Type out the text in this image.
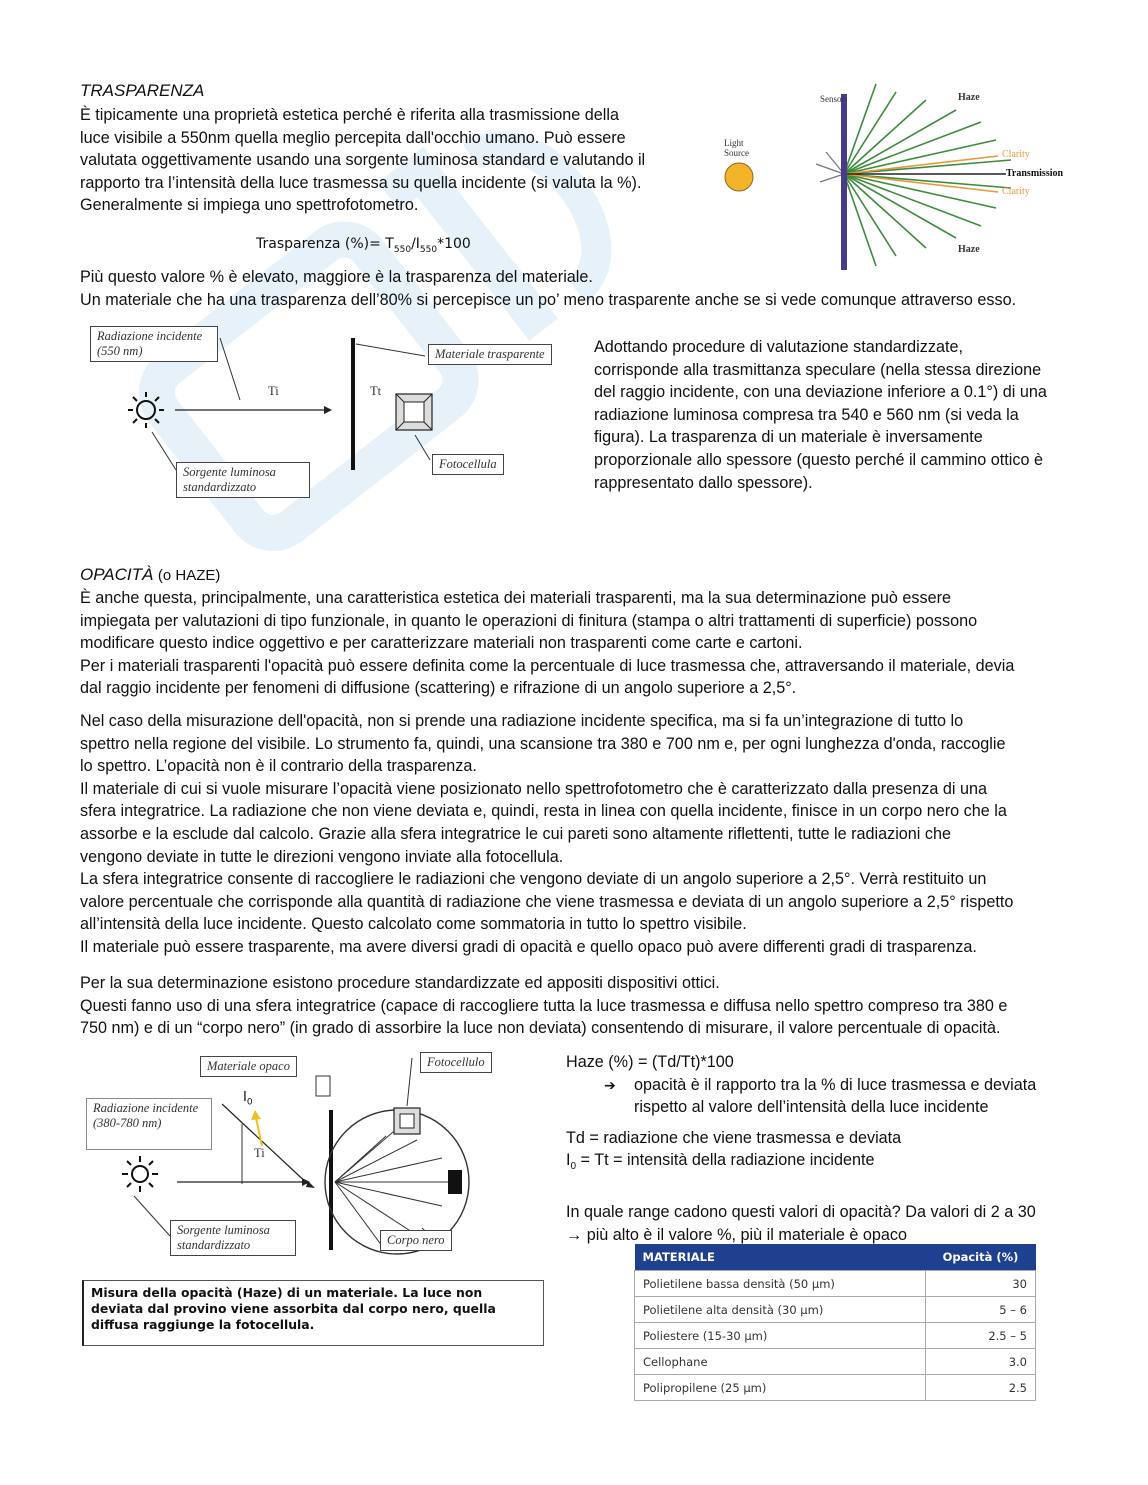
TRASPARENZA
È tipicamente una proprietà estetica perché è riferita alla trasmissione della
luce visibile a 550nm quella meglio percepita dall'occhio umano. Può essere
valutata oggettivamente usando una sorgente luminosa standard e valutando il
rapporto tra l’intensità della luce trasmessa su quella incidente (si valuta la %).
Generalmente si impiega uno spettrofotometro.
Trasparenza (%)= $T_{550}/I_{550}*100$
Più questo valore % è elevato, maggiore è la trasparenza del materiale.
Un materiale che ha una trasparenza dell’80% si percepisce un po’ meno trasparente anche se si vede comunque attraverso esso.
Light Source
Sensor	Haze
Clarity
Transmission
Clarity
Haze
Radiazione incidente (550 nm)
Ti	Tt
Materiale trasparente
Fotocellula
Sorgente luminosa standardizzato
Adottando procedure di valutazione standardizzate,
corrisponde alla trasmittanza speculare (nella stessa direzione
del raggio incidente, con una deviazione inferiore a 0.1°) di una
radiazione luminosa compresa tra 540 e 560 nm (si veda la
figura). La trasparenza di un materiale è inversamente
proporzionale allo spessore (questo perché il cammino ottico è
rappresentato dallo spessore).
OPACITÀ (o HAZE)
È anche questa, principalmente, una caratteristica estetica dei materiali trasparenti, ma la sua determinazione può essere
impiegata per valutazioni di tipo funzionale, in quanto le operazioni di finitura (stampa o altri trattamenti di superficie) possono
modificare questo indice oggettivo e per caratterizzare materiali non trasparenti come carte e cartoni.
Per i materiali trasparenti l'opacità può essere definita come la percentuale di luce trasmessa che, attraversando il materiale, devia
dal raggio incidente per fenomeni di diffusione (scattering) e rifrazione di un angolo superiore a 2,5°.
Nel caso della misurazione dell'opacità, non si prende una radiazione incidente specifica, ma si fa un’integrazione di tutto lo
spettro nella regione del visibile. Lo strumento fa, quindi, una scansione tra 380 e 700 nm e, per ogni lunghezza d'onda, raccoglie
lo spettro. L’opacità non è il contrario della trasparenza.
Il materiale di cui si vuole misurare l’opacità viene posizionato nello spettrofotometro che è caratterizzato dalla presenza di una
sfera integratrice. La radiazione che non viene deviata e, quindi, resta in linea con quella incidente, finisce in un corpo nero che la
assorbe e la esclude dal calcolo. Grazie alla sfera integratrice le cui pareti sono altamente riflettenti, tutte le radiazioni che
vengono deviate in tutte le direzioni vengono inviate alla fotocellula.
La sfera integratrice consente di raccogliere le radiazioni che vengono deviate di un angolo superiore a 2,5°. Verrà restituito un
valore percentuale che corrisponde alla quantità di radiazione che viene trasmessa e deviata di un angolo superiore a 2,5° rispetto
all’intensità della luce incidente. Questo calcolato come sommatoria in tutto lo spettro visibile.
Il materiale può essere trasparente, ma avere diversi gradi di opacità e quello opaco può avere differenti gradi di trasparenza.
Per la sua determinazione esistono procedure standardizzate ed appositi dispositivi ottici.
Questi fanno uso di una sfera integratrice (capace di raccogliere tutta la luce trasmessa e diffusa nello spettro compreso tra 380 e
750 nm) e di un “corpo nero” (in grado di assorbire la luce non deviata) consentendo di misurare, il valore percentuale di opacità.
Materiale opaco	Fotocellulo
Radiazione incidente (380-780 nm)
$I_0$
Ti
Sorgente luminosa standardizzato	Corpo nero
Misura della opacità (Haze) di un materiale. La luce non deviata dal provino viene assorbita dal corpo nero, quella diffusa raggiunge la fotocellula.
Haze (%) = (Td/Tt)*100
➔ opacità è il rapporto tra la % di luce trasmessa e deviata
rispetto al valore dell’intensità della luce incidente
Td = radiazione che viene trasmessa e deviata
$I_0 = Tt$ = intensità della radiazione incidente
In quale range cadono questi valori di opacità? Da valori di 2 a 30
→ più alto è il valore %, più il materiale è opaco
MATERIALE	Opacità (%)
Polietilene bassa densità (50 µm)	30
Polietilene alta densità (30 µm)	5 – 6
Poliestere (15-30 µm)	2.5 – 5
Cellophane	3.0
Polipropilene (25 µm)	2.5
